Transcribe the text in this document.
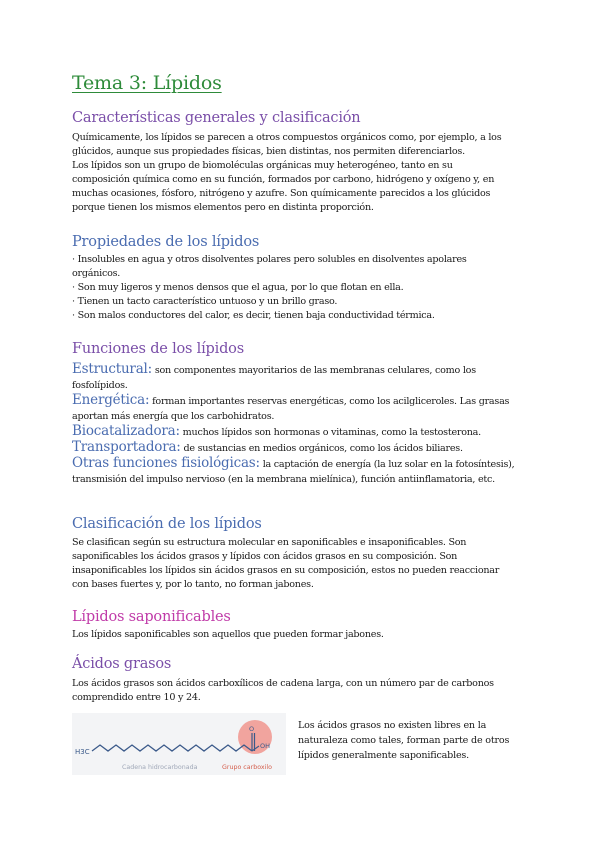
Tema 3: Lípidos
Características generales y clasificación

Químicamente, los lípidos se parecen a otros compuestos orgánicos como, por ejemplo, a los
glúcidos, aunque sus propiedades físicas, bien distintas, nos permiten diferenciarlos.
Los lípidos son un grupo de biomoléculas orgánicas muy heterogéneo, tanto en su
composición química como en su función, formados por carbono, hidrógeno y oxígeno y, en
muchas ocasiones, fósforo, nitrógeno y azufre. Son químicamente parecidos a los glúcidos
porque tienen los mismos elementos pero en distinta proporción.

Propiedades de los lípidos

· Insolubles en agua y otros disolventes polares pero solubles en disolventes apolares
orgánicos.
· Son muy ligeros y menos densos que el agua, por lo que flotan en ella.
· Tienen un tacto característico untuoso y un brillo graso.
· Son malos conductores del calor, es decir, tienen baja conductividad térmica.

Funciones de los lípidos
Estructural: son componentes mayoritarios de las membranas celulares, como los
fosfolípidos.
Energética: forman importantes reservas energéticas, como los acilgliceroles. Las grasas
aportan más energía que los carbohidratos.
Biocatalizadora: muchos lípidos son hormonas o vitaminas, como la testosterona.
Transportadora: de sustancias en medios orgánicos, como los ácidos biliares.
Otras funciones fisiológicas: la captación de energía (la luz solar en la fotosíntesis),
transmisión del impulso nervioso (en la membrana mielínica), función antiinflamatoria, etc.
Clasificación de los lípidos

Se clasifican según su estructura molecular en saponificables e insaponificables. Son
saponificables los ácidos grasos y lípidos con ácidos grasos en su composición. Son
insaponificables los lípidos sin ácidos grasos en su composición, estos no pueden reaccionar
con bases fuertes y, por lo tanto, no forman jabones.

Lípidos saponificables

Los lípidos saponificables son aquellos que pueden formar jabones.

Ácidos grasos

Los ácidos grasos son ácidos carboxílicos de cadena larga, con un número par de carbonos
comprendido entre 10 y 24.

H3C
O
OH
Cadena hidrocarbonada	Grupo carboxilo

Los ácidos grasos no existen libres en la
naturaleza como tales, forman parte de otros
lípidos generalmente saponificables.
